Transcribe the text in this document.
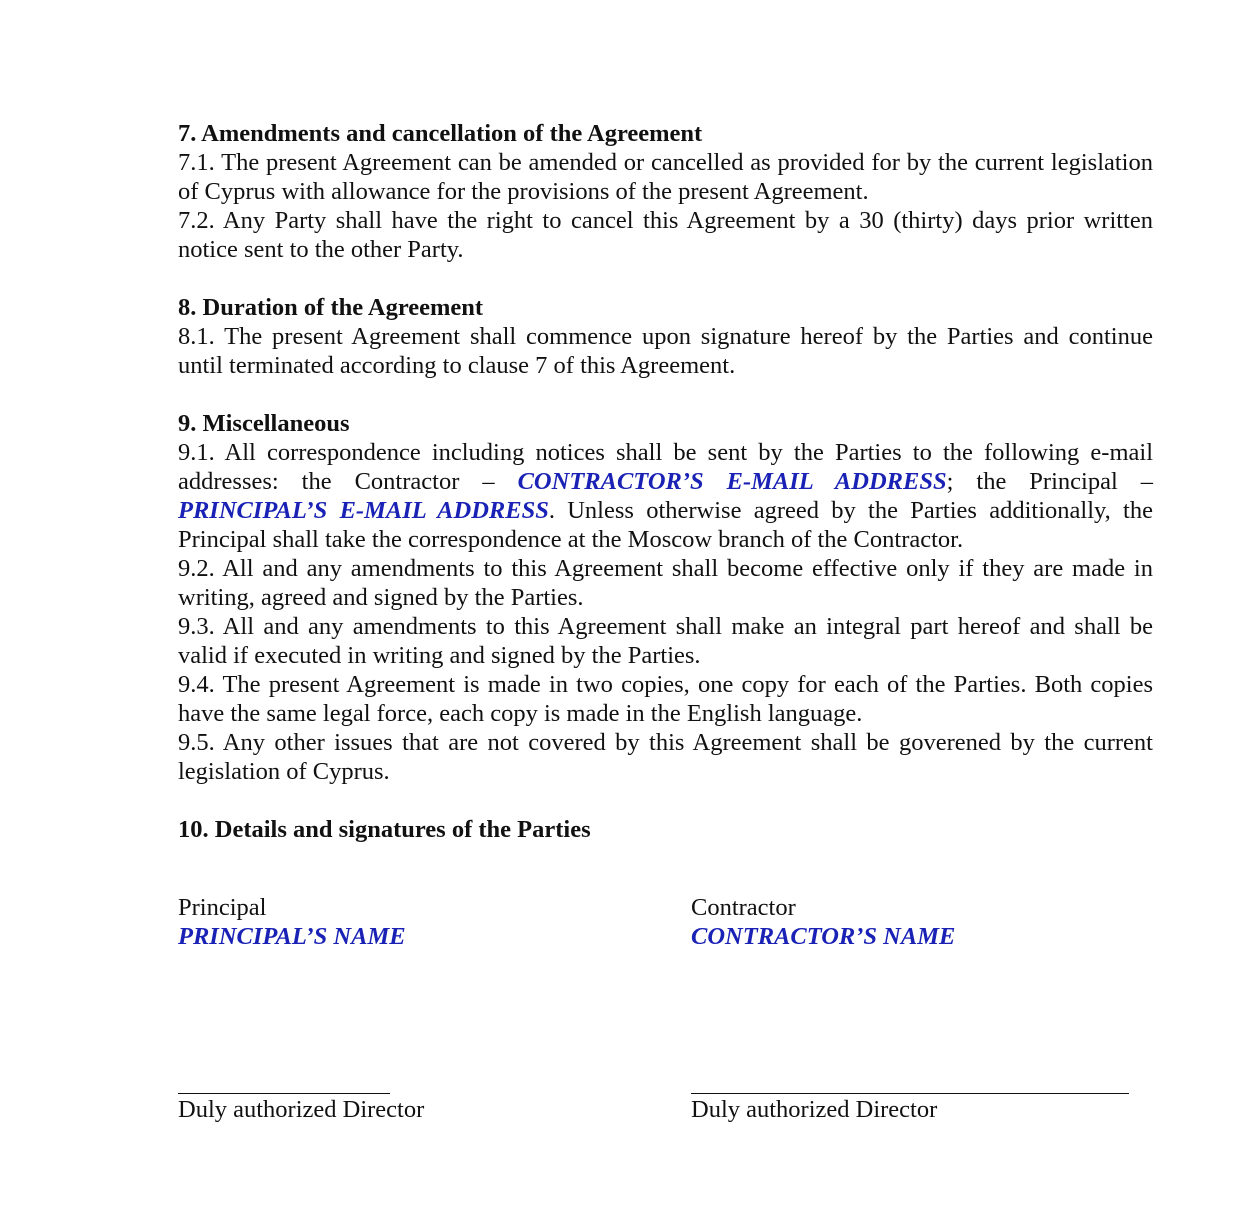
7. Amendments and cancellation of the Agreement

7.1. The present Agreement can be amended or cancelled as provided for by the current legislation of Cyprus with allowance for the provisions of the present Agreement.

7.2. Any Party shall have the right to cancel this Agreement by a 30 (thirty) days prior written notice sent to the other Party.

8. Duration of the Agreement

8.1. The present Agreement shall commence upon signature hereof by the Parties and continue until terminated according to clause 7 of this Agreement.

9. Miscellaneous

9.1. All correspondence including notices shall be sent by the Parties to the following e-mail addresses: the Contractor – CONTRACTOR’S E-MAIL ADDRESS; the Principal – PRINCIPAL’S E-MAIL ADDRESS. Unless otherwise agreed by the Parties additionally, the Principal shall take the correspondence at the Moscow branch of the Contractor.

9.2. All and any amendments to this Agreement shall become effective only if they are made in writing, agreed and signed by the Parties.

9.3. All and any amendments to this Agreement shall make an integral part hereof and shall be valid if executed in writing and signed by the Parties.

9.4. The present Agreement is made in two copies, one copy for each of the Parties. Both copies have the same legal force, each copy is made in the English language.

9.5. Any other issues that are not covered by this Agreement shall be goverened by the current legislation of Cyprus.

10. Details and signatures of the Parties
Principal
PRINCIPAL’S NAME
Contractor
CONTRACTOR’S NAME
Duly authorized Director	Duly authorized Director
